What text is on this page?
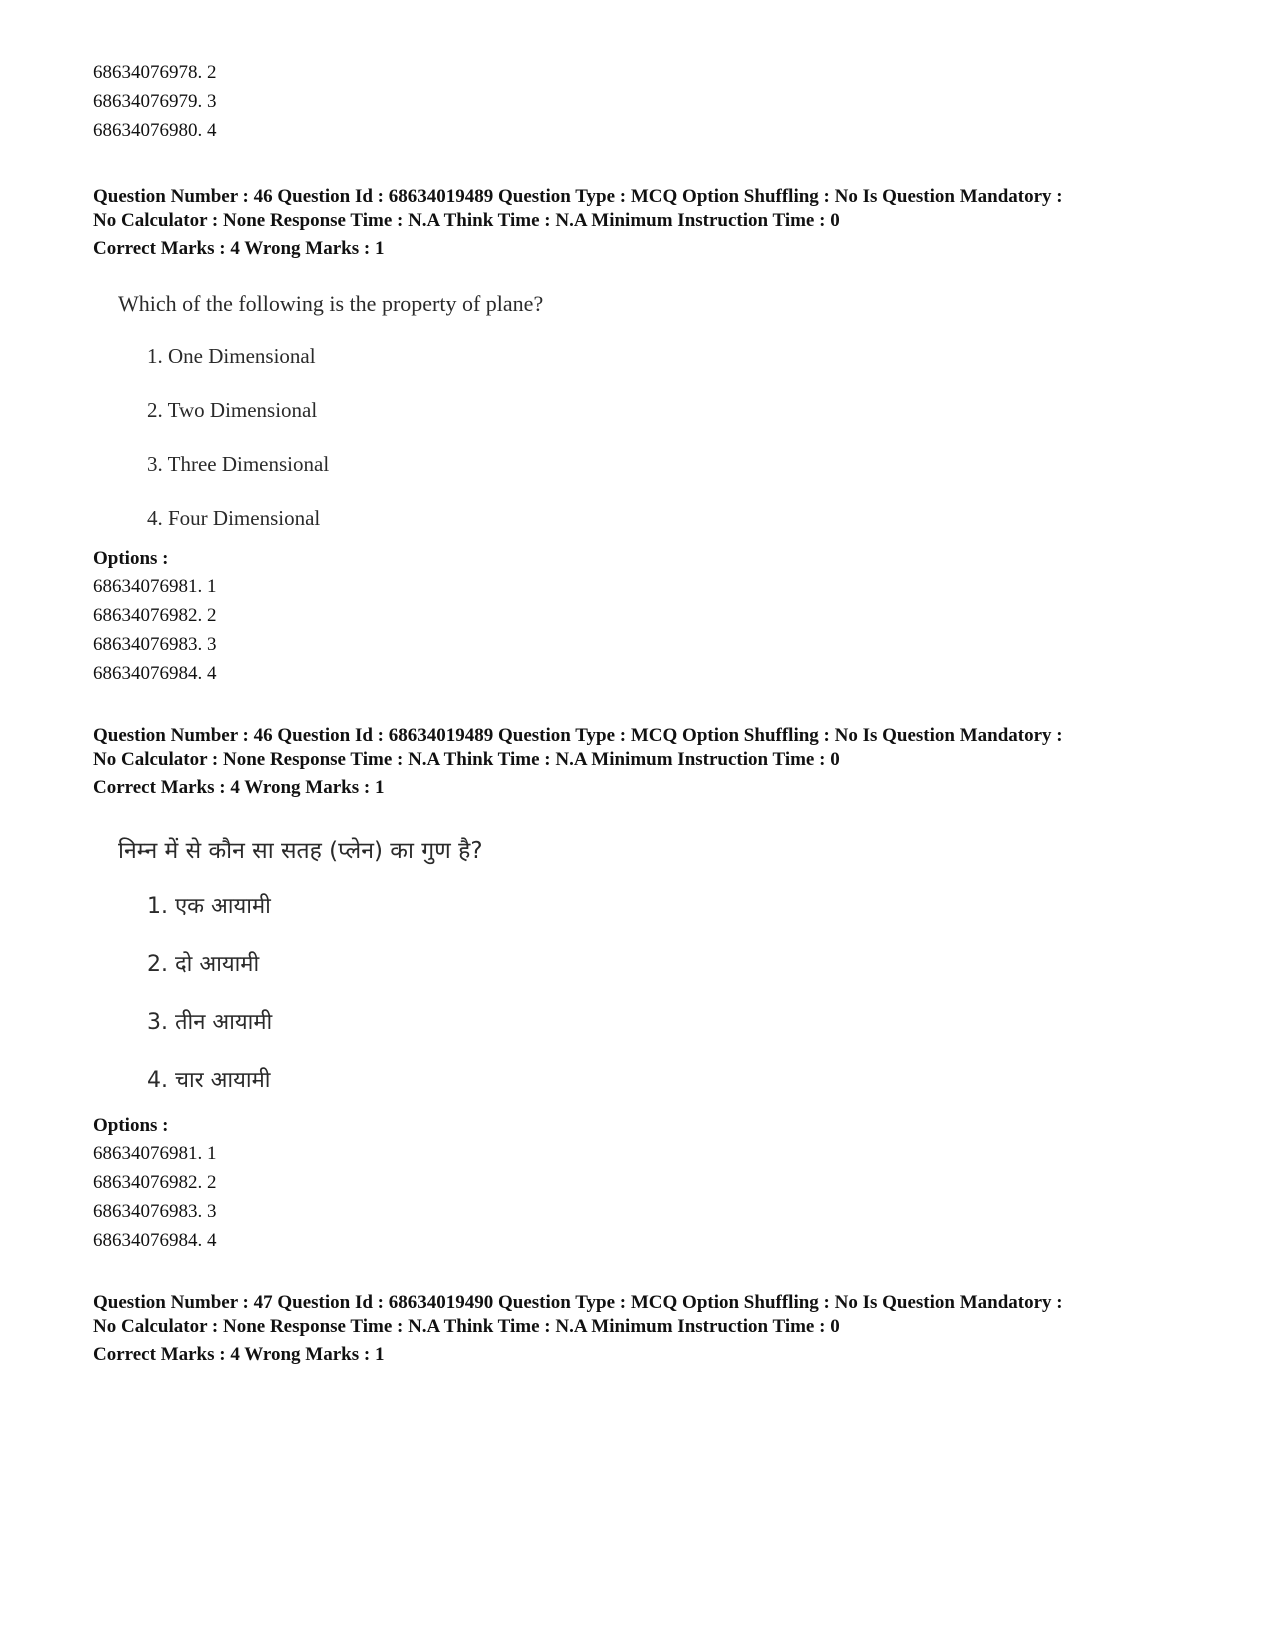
68634076978. 2
68634076979. 3
68634076980. 4
Question Number : 46 Question Id : 68634019489 Question Type : MCQ Option Shuffling : No Is Question Mandatory :
No Calculator : None Response Time : N.A Think Time : N.A Minimum Instruction Time : 0
Correct Marks : 4 Wrong Marks : 1
Which of the following is the property of plane?
1. One Dimensional
2. Two Dimensional
3. Three Dimensional
4. Four Dimensional
Options :
68634076981. 1
68634076982. 2
68634076983. 3
68634076984. 4
Question Number : 46 Question Id : 68634019489 Question Type : MCQ Option Shuffling : No Is Question Mandatory :
No Calculator : None Response Time : N.A Think Time : N.A Minimum Instruction Time : 0
Correct Marks : 4 Wrong Marks : 1
निम्न में से कौन सा सतह (प्लेन) का गुण है?
1. एक आयामी
2. दो आयामी
3. तीन आयामी
4. चार आयामी
Options :
68634076981. 1
68634076982. 2
68634076983. 3
68634076984. 4
Question Number : 47 Question Id : 68634019490 Question Type : MCQ Option Shuffling : No Is Question Mandatory :
No Calculator : None Response Time : N.A Think Time : N.A Minimum Instruction Time : 0
Correct Marks : 4 Wrong Marks : 1
